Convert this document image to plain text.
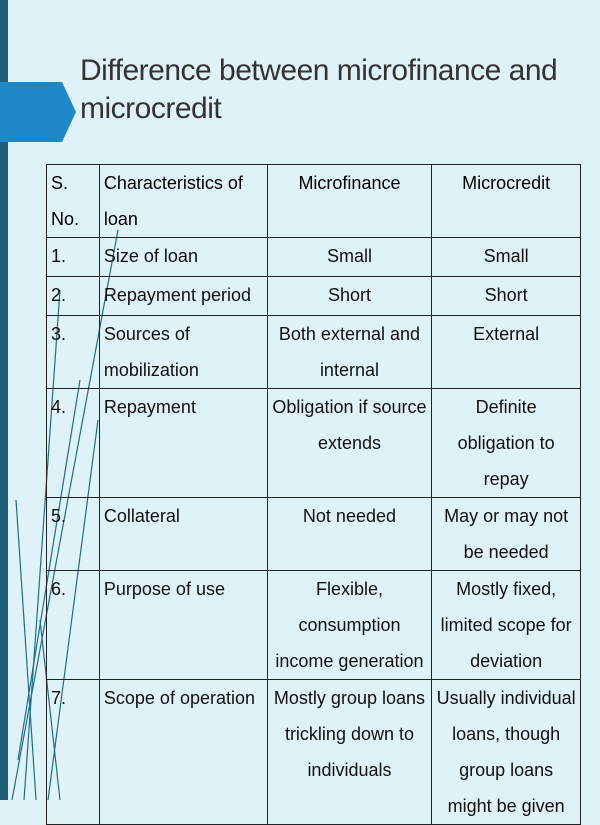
Difference between microfinance and microcredit
S. No.	Characteristics of loan	Microfinance	Microcredit
1.	Size of loan	Small	Small
2.	Repayment period	Short	Short
3.	Sources of mobilization	Both external and internal	External
4.	Repayment	Obligation if source extends	Definite obligation to repay
5.	Collateral	Not needed	May or may not be needed
6.	Purpose of use	Flexible, consumption income generation	Mostly fixed, limited scope for deviation
7.	Scope of operation	Mostly group loans trickling down to individuals	Usually individual loans, though group loans might be given
